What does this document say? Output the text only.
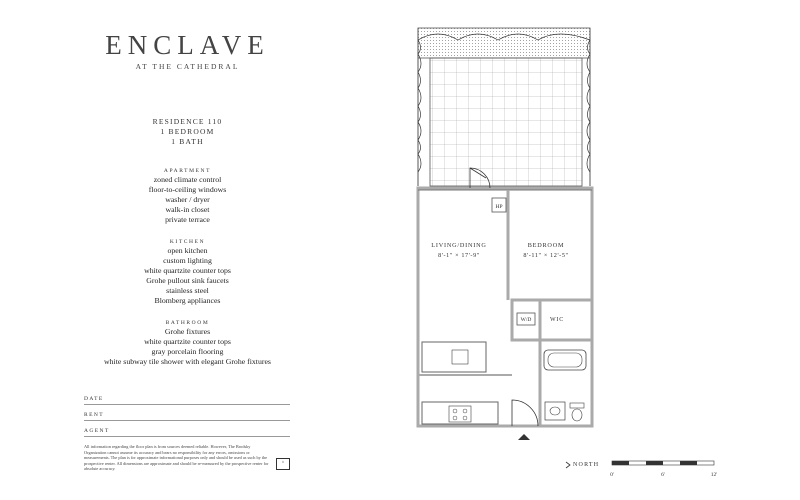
ENCLAVE
AT THE CATHEDRAL
RESIDENCE 110
1 BEDROOM
1 BATH
APARTMENT
zoned climate control
floor-to-ceiling windows
washer / dryer
walk-in closet
private terrace
KITCHEN
open kitchen
custom lighting
white quartzite counter tops
Grohe pullout sink faucets
stainless steel
Blomberg appliances
BATHROOM
Grohe fixtures
white quartzite counter tops
gray porcelain flooring
white subway tile shower with elegant Grohe fixtures
DATE
RENT
AGENT
All information regarding the floor plan is from sources deemed reliable. However, The Brodsky Organization cannot assume its accuracy and bears no responsibility for any errors, omissions or measurements. The plan is for approximate informational purposes only and should be used as such by the prospective renter. All dimensions are approximate and should be re-measured by the prospective renter for absolute accuracy.
⌂
HP
LIVING/DINING
8'-1" × 17'-9"
BEDROOM
8'-11" × 12'-5"
W/D	WIC
NORTH
0'	6'	12'
